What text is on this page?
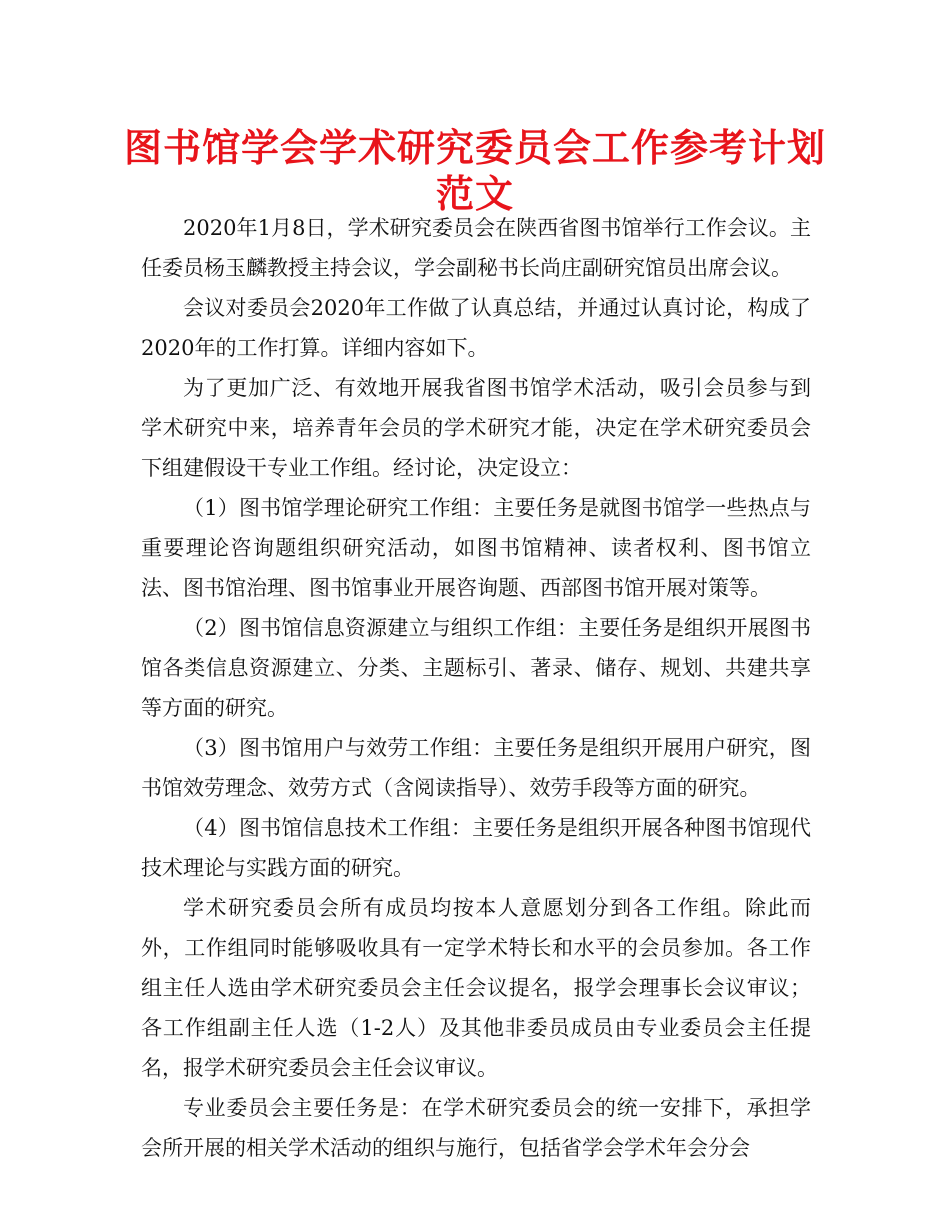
图书馆学会学术研究委员会工作参考计划
范文

2020年1月8日，学术研究委员会在陕西省图书馆举行工作会议。主任委员杨玉麟教授主持会议，学会副秘书长尚庄副研究馆员出席会议。

会议对委员会2020年工作做了认真总结，并通过认真讨论，构成了2020年的工作打算。详细内容如下。

为了更加广泛、有效地开展我省图书馆学术活动，吸引会员参与到学术研究中来，培养青年会员的学术研究才能，决定在学术研究委员会下组建假设干专业工作组。经讨论，决定设立：

（1）图书馆学理论研究工作组：主要任务是就图书馆学一些热点与重要理论咨询题组织研究活动，如图书馆精神、读者权利、图书馆立法、图书馆治理、图书馆事业开展咨询题、西部图书馆开展对策等。

（2）图书馆信息资源建立与组织工作组：主要任务是组织开展图书馆各类信息资源建立、分类、主题标引、著录、储存、规划、共建共享等方面的研究。

（3）图书馆用户与效劳工作组：主要任务是组织开展用户研究，图书馆效劳理念、效劳方式（含阅读指导）、效劳手段等方面的研究。

（4）图书馆信息技术工作组：主要任务是组织开展各种图书馆现代技术理论与实践方面的研究。

学术研究委员会所有成员均按本人意愿划分到各工作组。除此而外，工作组同时能够吸收具有一定学术特长和水平的会员参加。各工作组主任人选由学术研究委员会主任会议提名，报学会理事长会议审议；各工作组副主任人选（1-2人）及其他非委员成员由专业委员会主任提名，报学术研究委员会主任会议审议。

专业委员会主要任务是：在学术研究委员会的统一安排下，承担学会所开展的相关学术活动的组织与施行，包括省学会学术年会分会
